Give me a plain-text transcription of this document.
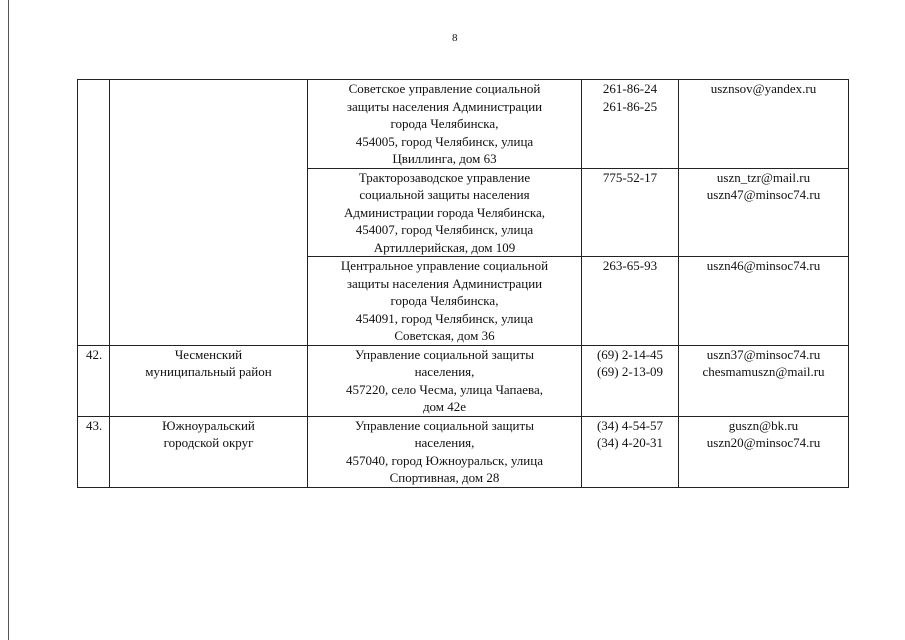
8
		Советское управление социальной
защиты населения Администрации
города Челябинска,
454005, город Челябинск, улица
Цвиллинга, дом 63	261-86-24
261-86-25	usznsov@yandex.ru
		Тракторозаводское управление
социальной защиты населения
Администрации города Челябинска,
454007, город Челябинск, улица
Артиллерийская, дом 109	775-52-17	uszn_tzr@mail.ru
uszn47@minsoc74.ru
		Центральное управление социальной
защиты населения Администрации
города Челябинска,
454091, город Челябинск, улица
Советская, дом 36	263-65-93	uszn46@minsoc74.ru
42.	Чесменский
муниципальный район	Управление социальной защиты
населения,
457220, село Чесма, улица Чапаева,
дом 42е	(69) 2-14-45
(69) 2-13-09	uszn37@minsoc74.ru
chesmamuszn@mail.ru
43.	Южноуральский
городской округ	Управление социальной защиты
населения,
457040, город Южноуральск, улица
Спортивная, дом 28	(34) 4-54-57
(34) 4-20-31	guszn@bk.ru
uszn20@minsoc74.ru
